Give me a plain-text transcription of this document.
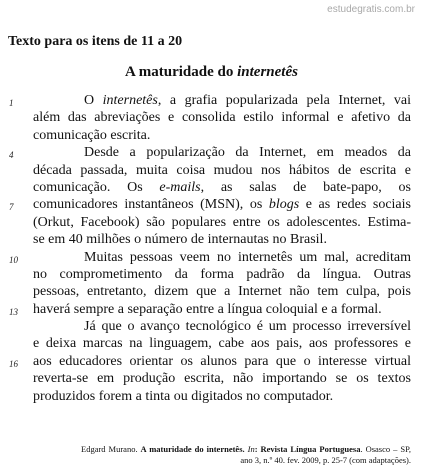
estudegratis.com.br
Texto para os itens de 11 a 20
A maturidade do internetês
1	O internetês, a grafia popularizada pela Internet, vai
além das abreviações e consolida estilo informal e afetivo da
comunicação escrita.
4	Desde a popularização da Internet, em meados da
década passada, muita coisa mudou nos hábitos de escrita e
comunicação. Os e-mails, as salas de bate-papo, os
7	comunicadores instantâneos (MSN), os blogs e as redes sociais
(Orkut, Facebook) são populares entre os adolescentes. Estima-
se em 40 milhões o número de internautas no Brasil.
10	Muitas pessoas veem no internetês um mal, acreditam
no comprometimento da forma padrão da língua. Outras
pessoas, entretanto, dizem que a Internet não tem culpa, pois
13	haverá sempre a separação entre a língua coloquial e a formal.
Já que o avanço tecnológico é um processo irreversível
e deixa marcas na linguagem, cabe aos pais, aos professores e
16	aos educadores orientar os alunos para que o interesse virtual
reverta-se em produção escrita, não importando se os textos
produzidos forem a tinta ou digitados no computador.
Edgard Murano. A maturidade do internetês. In: Revista Língua Portuguesa. Osasco – SP, ano 3, n.º 40. fev. 2009, p. 25-7 (com adaptações).
